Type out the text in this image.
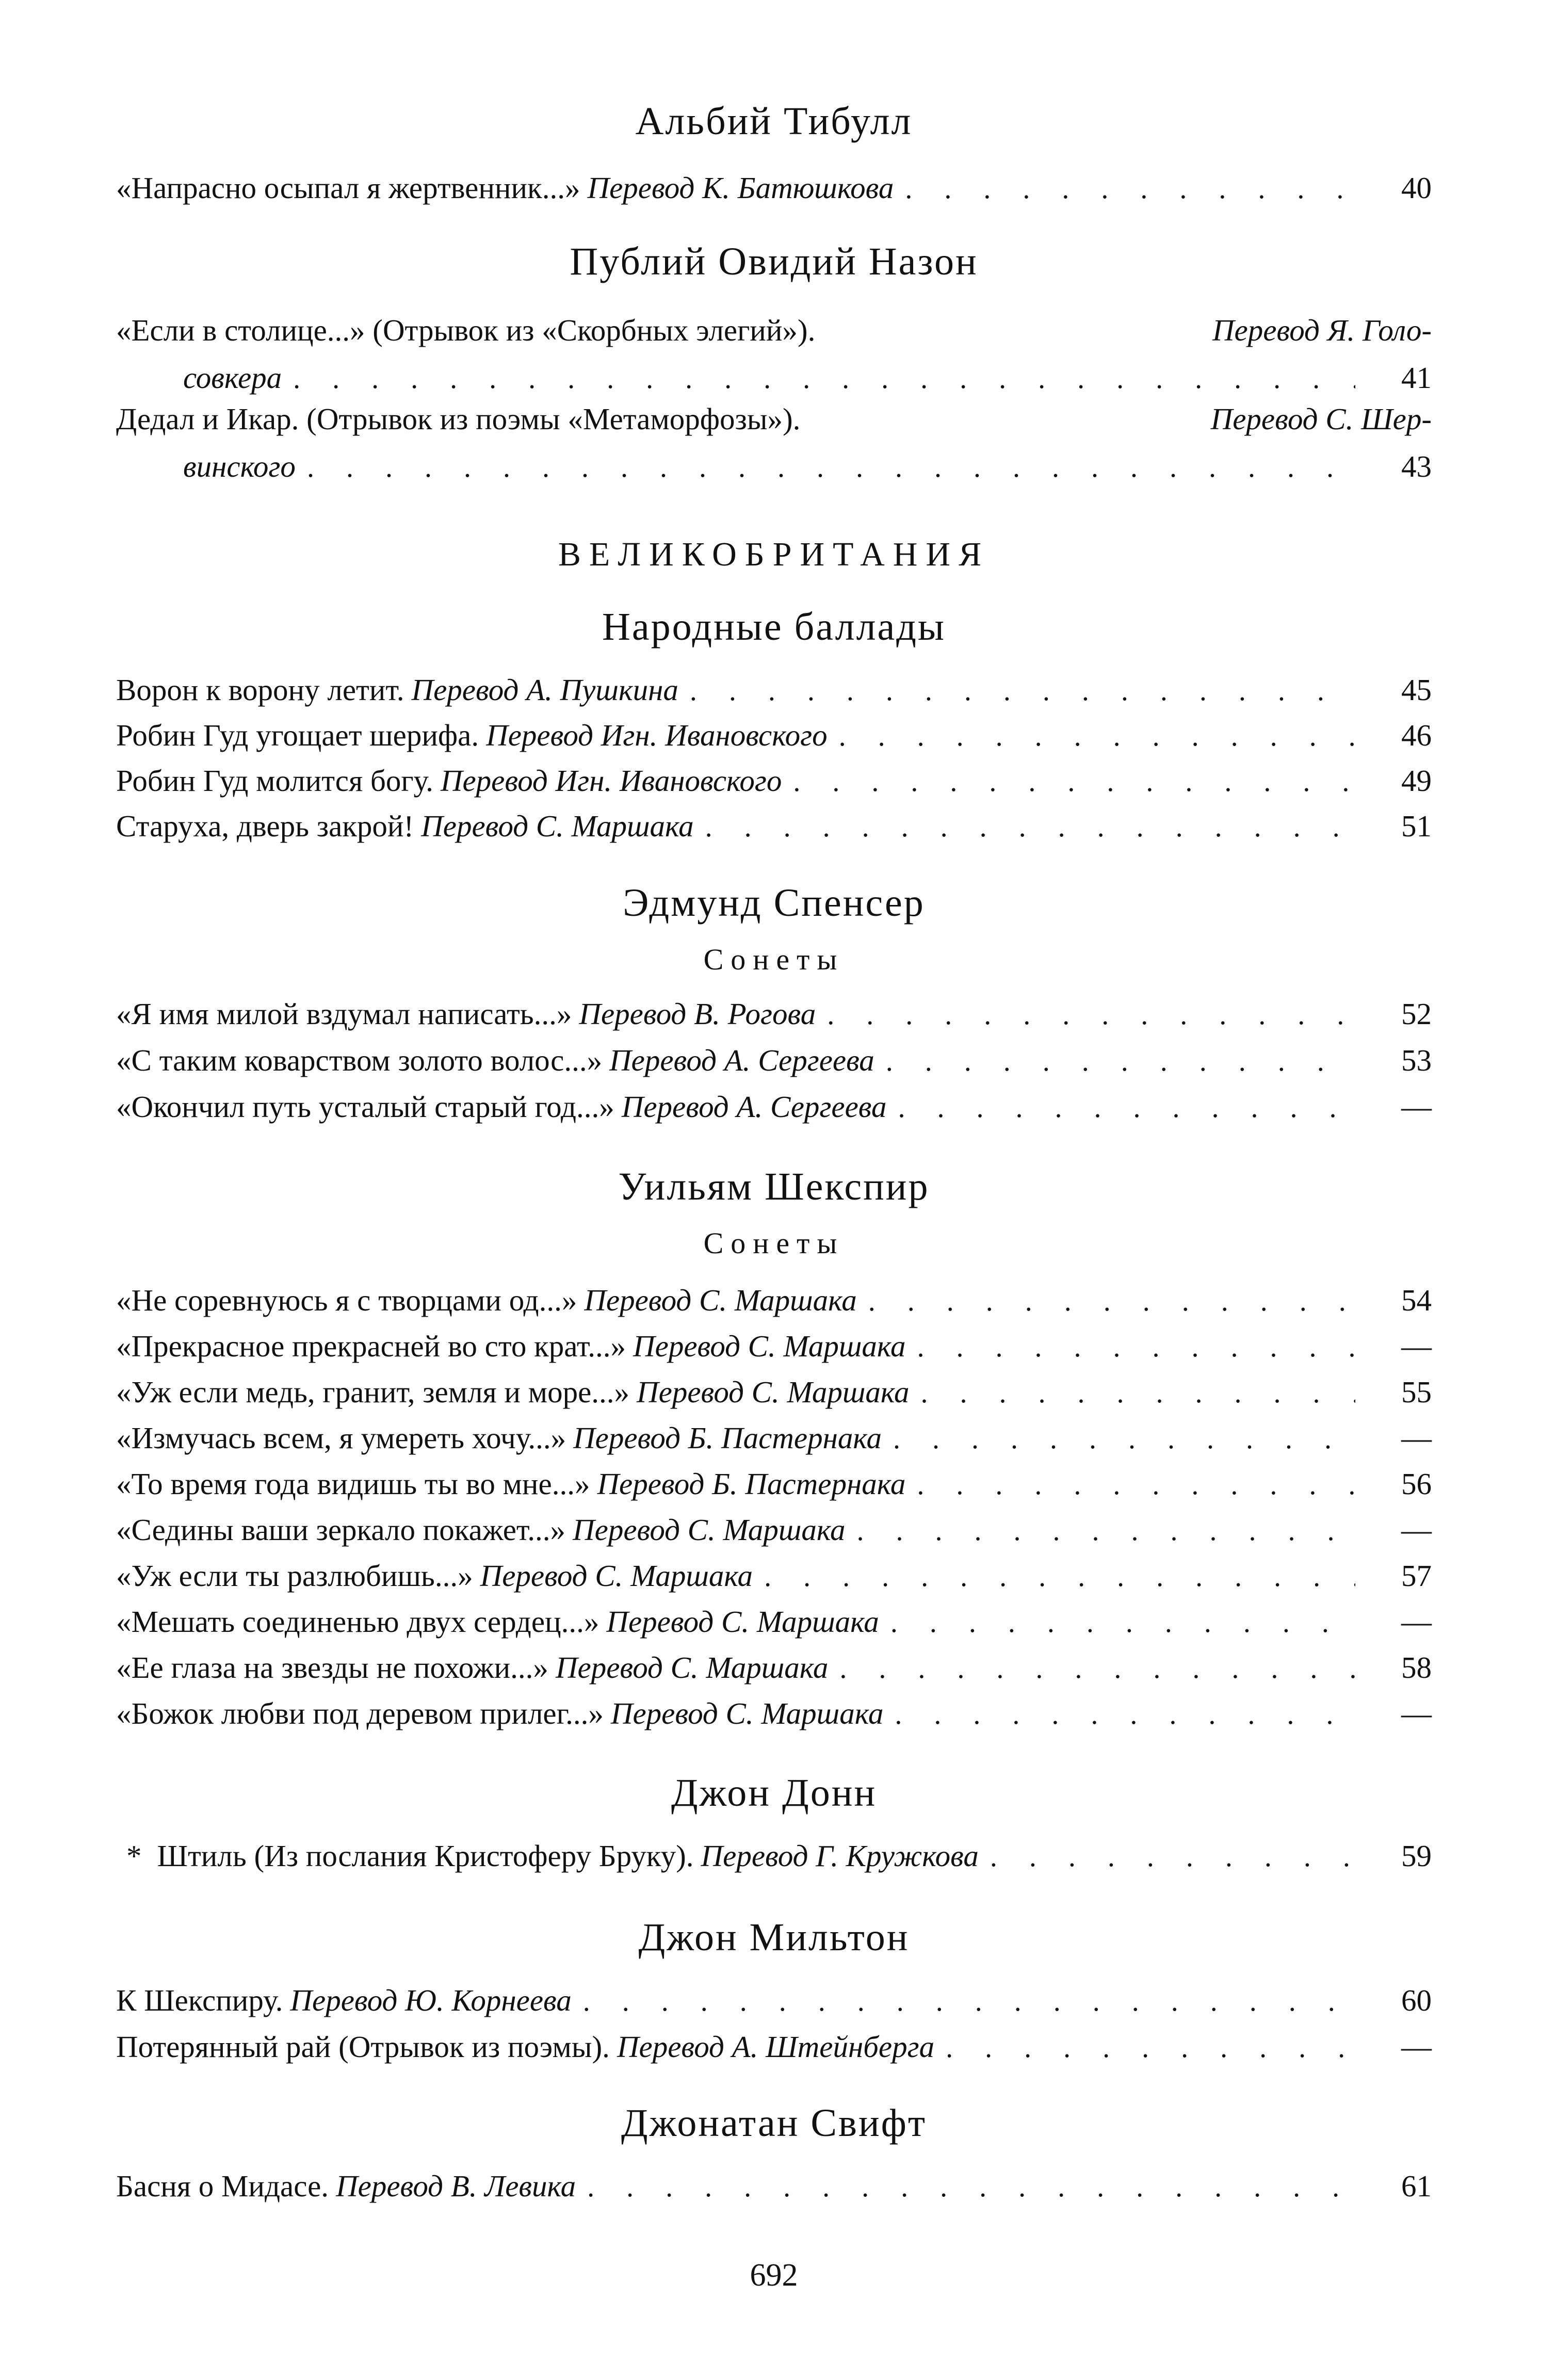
Альбий Тибулл
«Напрасно осыпал я жертвенник...» Перевод К. Батюшкова . . .	40
Публий Овидий Назон
«Если в столице...» (Отрывок из «Скорбных элегий»).	Перевод Я. Голо-
совкера . . .	41
Дедал и Икар. (Отрывок из поэмы «Метаморфозы»).	Перевод С. Шер-
винского . . .	43
ВЕЛИКОБРИТАНИЯ
Народные баллады
Ворон к ворону летит. Перевод А. Пушкина . . .	45
Робин Гуд угощает шерифа. Перевод Игн. Ивановского . . .	46
Робин Гуд молится богу. Перевод Игн. Ивановского . . .	49
Старуха, дверь закрой! Перевод С. Маршака . . .	51
Эдмунд Спенсер
Сонеты
«Я имя милой вздумал написать...» Перевод В. Рогова . . .	52
«С таким коварством золото волос...» Перевод А. Сергеева . . .	53
«Окончил путь усталый старый год...» Перевод А. Сергеева . . .	—
Уильям Шекспир
Сонеты
«Не соревнуюсь я с творцами од...» Перевод С. Маршака . . .	54
«Прекрасное прекрасней во сто крат...» Перевод С. Маршака . . .	—
«Уж если медь, гранит, земля и море...» Перевод С. Маршака . . .	55
«Измучась всем, я умереть хочу...» Перевод Б. Пастернака . . .	—
«То время года видишь ты во мне...» Перевод Б. Пастернака . . .	56
«Седины ваши зеркало покажет...» Перевод С. Маршака . . .	—
«Уж если ты разлюбишь...» Перевод С. Маршака . . .	57
«Мешать соединенью двух сердец...» Перевод С. Маршака . . .	—
«Ее глаза на звезды не похожи...» Перевод С. Маршака . . .	58
«Божок любви под деревом прилег...» Перевод С. Маршака . . .	—
Джон Донн
* Штиль (Из послания Кристоферу Бруку). Перевод Г. Кружкова . . .	59
Джон Мильтон
К Шекспиру. Перевод Ю. Корнеева . . .	60
Потерянный рай (Отрывок из поэмы). Перевод А. Штейнберга . . .	—
Джонатан Свифт
Басня о Мидасе. Перевод В. Левика . . .	61
692
